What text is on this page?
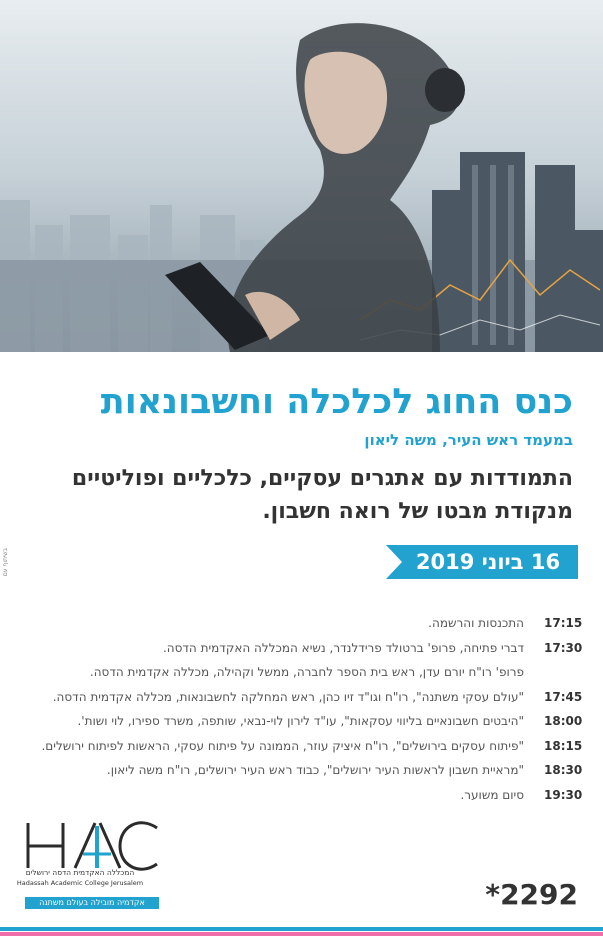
בשיתוף עם
כנס החוג לכלכלה וחשבונאות
במעמד ראש העיר, משה ליאון
התמודדות עם אתגרים עסקיים, כלכליים ופוליטיים
מנקודת מבטו של רואה חשבון.
16 ביוני 2019
17:15
התכנסות והרשמה.
17:30
דברי פתיחה, פרופ' ברטולד פרידלנדר, נשיא המכללה האקדמית הדסה.
פרופ' רו"ח יורם עדן, ראש בית הספר לחברה, ממשל וקהילה, מכללה אקדמית הדסה.
17:45
"עולם עסקי משתנה", רו"ח וגו"ד זיו כהן, ראש המחלקה לחשבונאות, מכללה אקדמית הדסה.
18:00
"היבטים חשבונאיים בליווי עסקאות", עו"ד לירון לוי-נבאי, שותפה, משרד ספירו, לוי ושות'.
18:15
"פיתוח עסקים בירושלים", רו"ח איציק עוזר, הממונה על פיתוח עסקי, הראשות לפיתוח ירושלים.
18:30
"מראיית חשבון לראשות העיר ירושלים", כבוד ראש העיר ירושלים, רו"ח משה ליאון.
19:30
סיום משוער.
המכללה האקדמית הדסה ירושלים
Hadassah Academic College Jerusalem
אקדמיה מובילה בעולם משתנה	*2292
